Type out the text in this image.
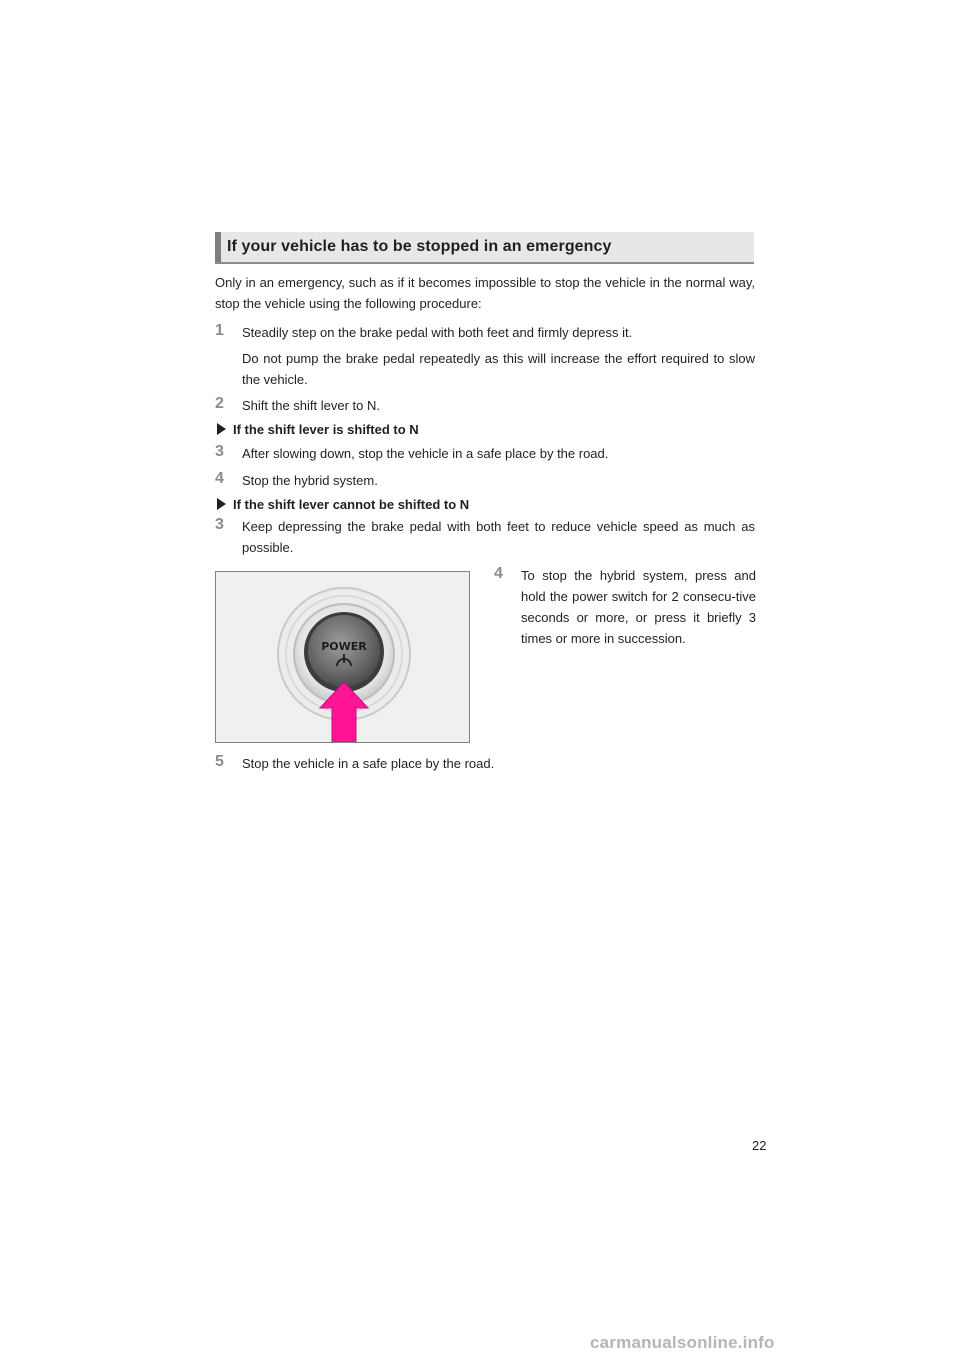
If your vehicle has to be stopped in an emergency
Only in an emergency, such as if it becomes impossible to stop the vehicle in the normal way, stop the vehicle using the following procedure:
1 Steadily step on the brake pedal with both feet and firmly depress it.
Do not pump the brake pedal repeatedly as this will increase the effort required to slow the vehicle.
2 Shift the shift lever to N.
If the shift lever is shifted to N
3 After slowing down, stop the vehicle in a safe place by the road.
4 Stop the hybrid system.
If the shift lever cannot be shifted to N
3 Keep depressing the brake pedal with both feet to reduce vehicle speed as much as possible.
POWER
4 To stop the hybrid system, press and hold the power switch for 2 consecu-tive seconds or more, or press it briefly 3 times or more in succession.
5 Stop the vehicle in a safe place by the road.
22
carmanualsonline.info
